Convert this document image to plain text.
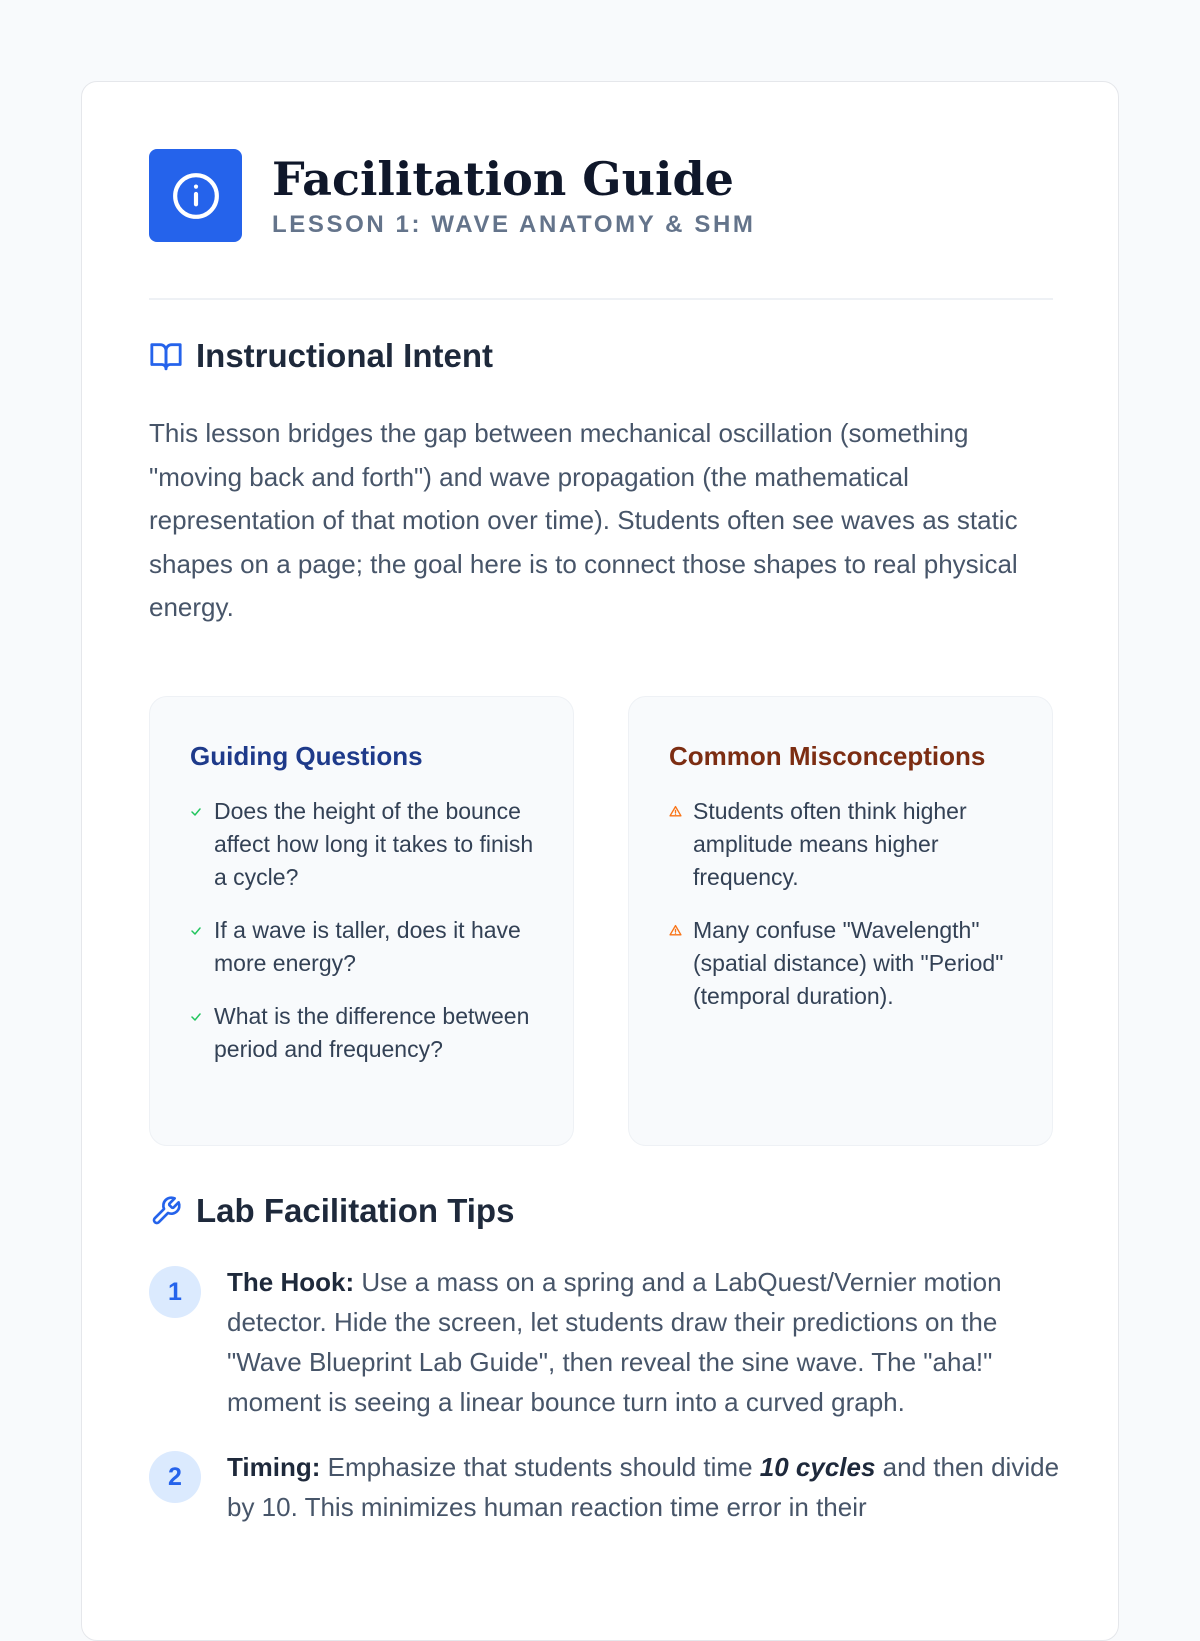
Facilitation Guide
LESSON 1: WAVE ANATOMY & SHM
Instructional Intent

This lesson bridges the gap between mechanical oscillation (something "moving back and forth") and wave propagation (the mathematical representation of that motion over time). Students often see waves as static shapes on a page; the goal here is to connect those shapes to real physical energy.

Guiding Questions
Does the height of the bounce affect how long it takes to finish a cycle?
If a wave is taller, does it have more energy?
What is the difference between period and frequency?
Common Misconceptions
Students often think higher amplitude means higher frequency.
Many confuse "Wavelength" (spatial distance) with "Period" (temporal duration).
Lab Facilitation Tips
1	The Hook: Use a mass on a spring and a LabQuest/Vernier motion detector. Hide the screen, let students draw their predictions on the "Wave Blueprint Lab Guide", then reveal the sine wave. The "aha!" moment is seeing a linear bounce turn into a curved graph.
2	Timing: Emphasize that students should time 10 cycles and then divide by 10. This minimizes human reaction time error in their
